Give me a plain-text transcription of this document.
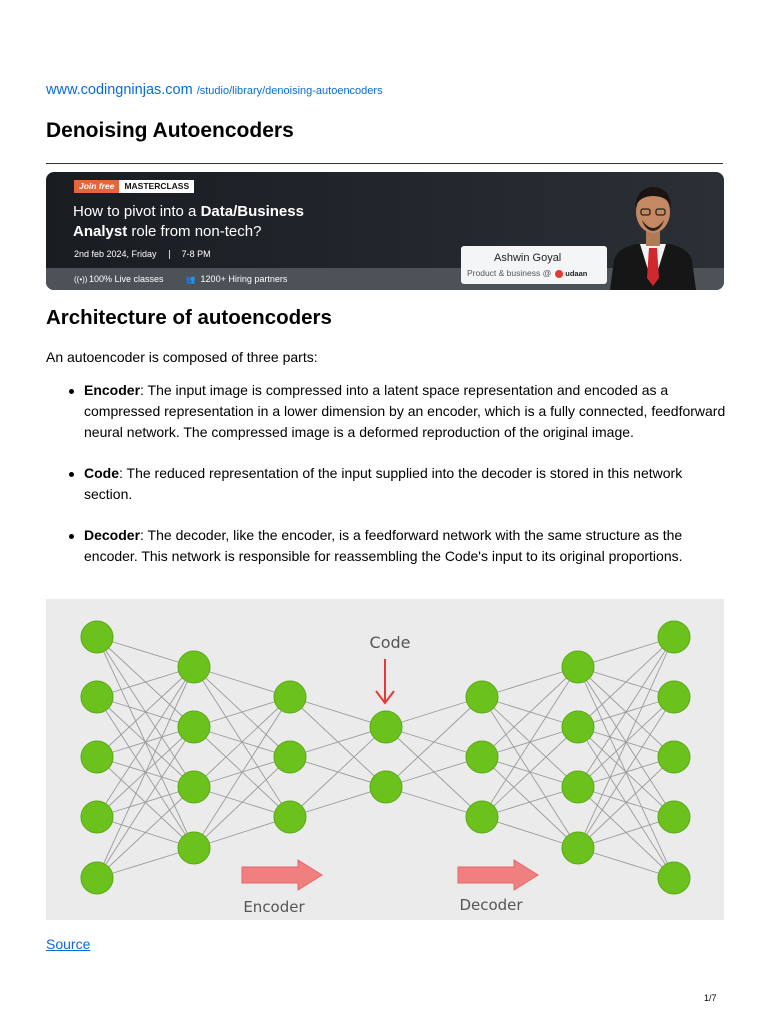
www.codingninjas.com /studio/library/denoising-autoencoders
Denoising Autoencoders
Join free	MASTERCLASS
How to pivot into a Data/Business
Analyst role from non-tech?
2nd feb 2024, Friday	7-8 PM
((•)) 100% Live classes	👥 1200+ Hiring partners
Ashwin Goyal
Product & business @ udaan
Architecture of autoencoders

An autoencoder is composed of three parts:

Encoder: The input image is compressed into a latent space representation and encoded as a compressed representation in a lower dimension by an encoder, which is a fully connected, feedforward neural network. The compressed image is a deformed reproduction of the original image.
Code: The reduced representation of the input supplied into the decoder is stored in this network section.
Decoder: The decoder, like the encoder, is a feedforward network with the same structure as the encoder. This network is responsible for reassembling the Code's input to its original proportions.
Code
Encoder	Decoder
Source
1/7
